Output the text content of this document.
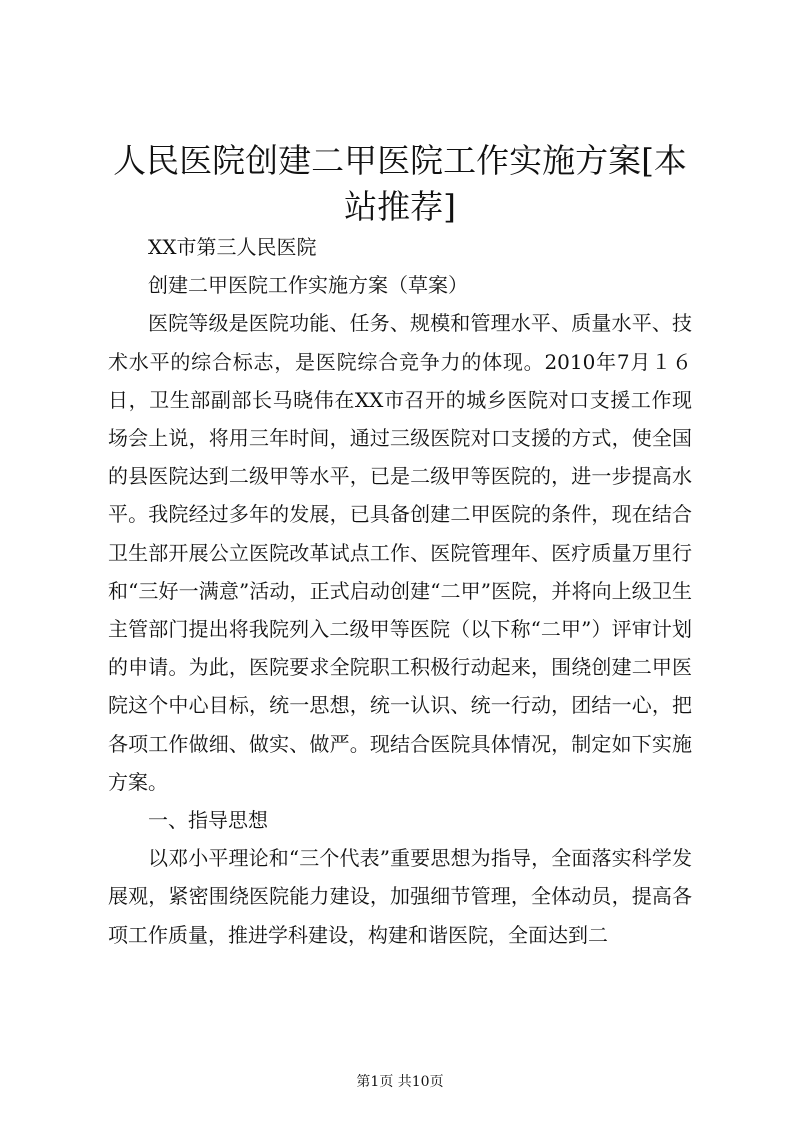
人民医院创建二甲医院工作实施方案[本站推荐]

XX市第三人民医院

创建二甲医院工作实施方案（草案）

医院等级是医院功能、任务、规模和管理水平、质量水平、技术水平的综合标志，是医院综合竞争力的体现。2010年7月１６日，卫生部副部长马晓伟在XX市召开的城乡医院对口支援工作现场会上说，将用三年时间，通过三级医院对口支援的方式，使全国的县医院达到二级甲等水平，已是二级甲等医院的，进一步提高水平。我院经过多年的发展，已具备创建二甲医院的条件，现在结合卫生部开展公立医院改革试点工作、医院管理年、医疗质量万里行和“三好一满意”活动，正式启动创建“二甲”医院，并将向上级卫生主管部门提出将我院列入二级甲等医院（以下称“二甲”）评审计划的申请。为此，医院要求全院职工积极行动起来，围绕创建二甲医院这个中心目标，统一思想，统一认识、统一行动，团结一心，把各项工作做细、做实、做严。现结合医院具体情况，制定如下实施方案。

一、指导思想

以邓小平理论和“三个代表”重要思想为指导，全面落实科学发展观，紧密围绕医院能力建设，加强细节管理，全体动员，提高各项工作质量，推进学科建设，构建和谐医院，全面达到二

第1页 共10页
